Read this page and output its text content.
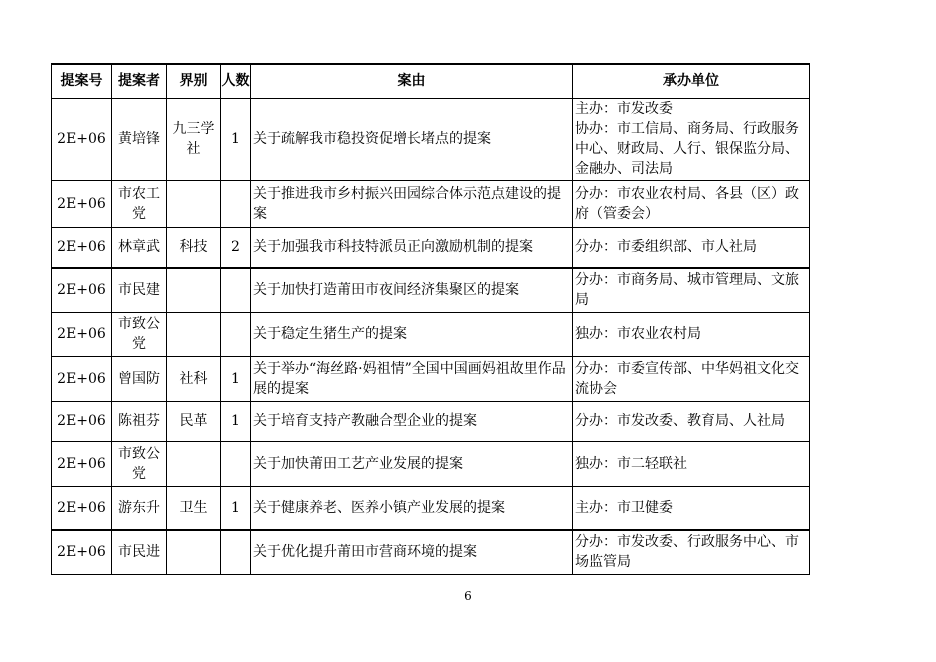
提案号	提案者	界别	人数	案由	承办单位

2E+06	黄培锋	九三学社	1	关于疏解我市稳投资促增长堵点的提案	主办：市发改委
协办：市工信局、商务局、行政服务中心、财政局、人行、银保监分局、金融办、司法局

2E+06	市农工党			关于推进我市乡村振兴田园综合体示范点建设的提案	分办：市农业农村局、各县（区）政府（管委会）

2E+06	林章武	科技	2	关于加强我市科技特派员正向激励机制的提案	分办：市委组织部、市人社局

2E+06	市民建			关于加快打造莆田市夜间经济集聚区的提案	分办：市商务局、城市管理局、文旅局

2E+06	市致公党			关于稳定生猪生产的提案	独办：市农业农村局

2E+06	曾国防	社科	1	关于举办“海丝路·妈祖情”全国中国画妈祖故里作品展的提案	分办：市委宣传部、中华妈祖文化交流协会

2E+06	陈祖芬	民革	1	关于培育支持产教融合型企业的提案	分办：市发改委、教育局、人社局

2E+06	市致公党			关于加快莆田工艺产业发展的提案	独办：市二轻联社

2E+06	游东升	卫生	1	关于健康养老、医养小镇产业发展的提案	主办：市卫健委

2E+06	市民进			关于优化提升莆田市营商环境的提案	分办：市发改委、行政服务中心、市场监管局
6
